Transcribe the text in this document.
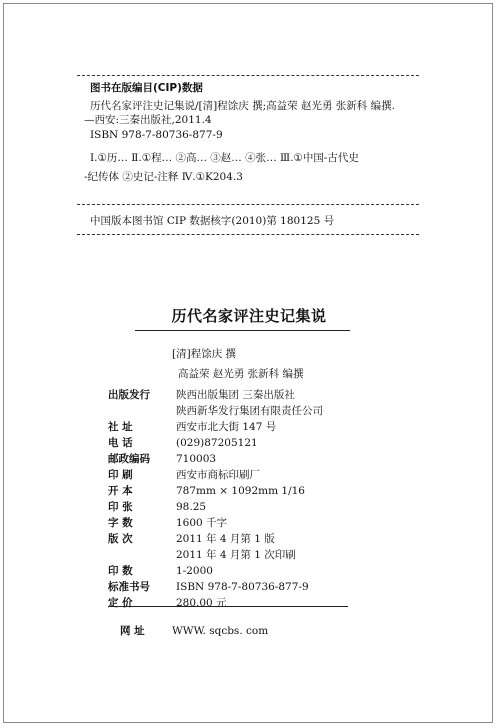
图书在版编目(CIP)数据
历代名家评注史记集说/[清]程馀庆 撰;高益荣 赵光勇 张新科 编撰.
—西安:三秦出版社,2011.4
ISBN 978-7-80736-877-9
Ⅰ.①历… Ⅱ.①程… ②高… ③赵… ④张… Ⅲ.①中国-古代史
-纪传体 ②史记-注释 Ⅳ.①K204.3
中国版本图书馆 CIP 数据核字(2010)第 180125 号
历代名家评注史记集说
[清]程馀庆 撰
高益荣 赵光勇 张新科 编撰
出版发行 陕西出版集团 三秦出版社
陕西新华发行集团有限责任公司
社 址	西安市北大街 147 号
电 话	(029)87205121
邮政编码 710003
印 刷	西安市商标印刷厂
开 本	787mm × 1092mm 1/16
印 张	98.25
字 数	1600 千字
版 次	2011 年 4 月第 1 版
2011 年 4 月第 1 次印刷
印 数	1-2000
标准书号 ISBN 978-7-80736-877-9
定 价	280.00 元
网 址	WWW. sqcbs. com
